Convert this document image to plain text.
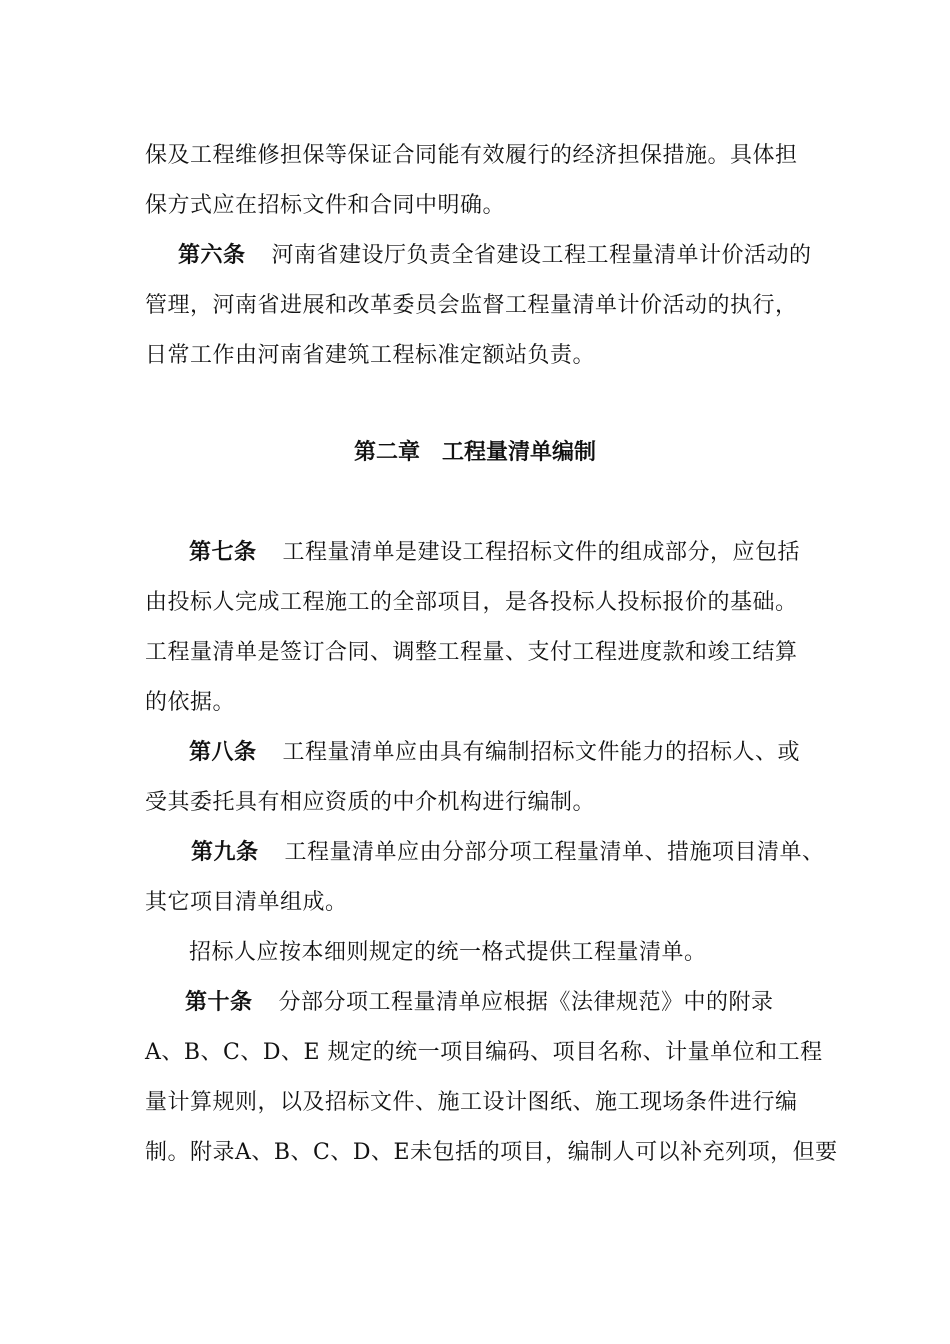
保及工程维修担保等保证合同能有效履行的经济担保措施。具体担
保方式应在招标文件和合同中明确。
第六条 河南省建设厅负责全省建设工程工程量清单计价活动的
管理，河南省进展和改革委员会监督工程量清单计价活动的执行，
日常工作由河南省建筑工程标准定额站负责。
第二章　工程量清单编制
第七条 工程量清单是建设工程招标文件的组成部分，应包括
由投标人完成工程施工的全部项目，是各投标人投标报价的基础。
工程量清单是签订合同、调整工程量、支付工程进度款和竣工结算
的依据。
第八条 工程量清单应由具有编制招标文件能力的招标人、或
受其委托具有相应资质的中介机构进行编制。
第九条 工程量清单应由分部分项工程量清单、措施项目清单、
其它项目清单组成。
招标人应按本细则规定的统一格式提供工程量清单。
第十条 分部分项工程量清单应根据《法律规范》中的附录
A、B、C、D、E 规定的统一项目编码、项目名称、计量单位和工程
量计算规则，以及招标文件、施工设计图纸、施工现场条件进行编
制。附录A、B、C、D、E未包括的项目，编制人可以补充列项，但要
